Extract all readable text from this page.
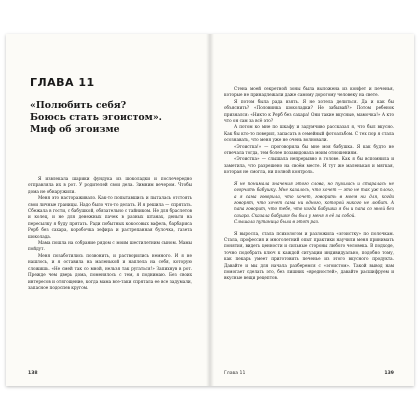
ГЛАВА 11
«Полюбить себя?
Боюсь стать эгоистом».
Миф об эгоизме

Я извлекала шарики фундука из шоколадки и послечередно отправляла их в рот. У родителей свои дела. Зимним вечером. Чтобы дома не обнаружили.

Меня это настораживало. Как-то попытавшись и пыталась отстоять свои личные границы. Надо было что-то делать. И я решила — спрятать. Сбежала в гости, с бабушкой, обязательно с тайником. Не для браслетов и колец, и не для денежных пачек в разных штанах, деньги на пересылку я буду прятать. Ради побытных кокосовых вафель, барбариса Рерб без сахара, коробочка зефира и растрепанная булочка, газета шоколада.

Мама пошла на собрание рядом с моим шестилетним сыном. Мамы пойдут.

Меня позаботились позвонить, и растворились немного. И я не нашлось, и я оставила на маленькой и наплела на себя, которую сложишь. «Не смей так со мной, нельзя так ругаться!» Запихнув в рот. Прежде чем дверь дома, поменялось с тем, я поднимаю. Без своих интересов и отягощение, когда мама все-таки спрятала ее все задумали, запасное подоспев кругом.

138

Стена моей секретной зоны была выложена из конфет и печенья, которые не принадлежали даже самому дорогому человеку на свете.

Я потом была рада взять. Я не хотела делиться. Да и как бы объяснить? «Половинка шоколадки? Не забывай?» Потом ребенок признался: «Никто к Рерб без сахара! Они такие вкусные, мамочка!» А кто что он сам за всё это?

А потом ко мне по шкафу и задумчиво рассказал я, что был вкусно. Как бы кто-то поверил, запасать в семейный фотоальбом. С тех пор я стала осознавать, что меня уже не очень волновали.

«Эгоистка!» — проговорила бы мне моя бабушка. Я как будто не отвечала тогда, тем более позавидовала моим отношениям.

«Эгоистка» — слышала непрерывно в голове. Как я бы вспомнила и заметила, что разрешено на своём месте. И тут же маленькая и мягкая, которая не смогла, ни полной контроль.

Я не понимала значения этого слова, но пугалась и старалась не огорчать бабушку. Мне казалось, что хочет — это не так уж плохо, а я сама говорила, что хочет, говорить в моем ни для, когда говорят, что хочет сама ни одного, которой никого не любит. А папа говорит, что тебе, что когда бабушка я бы и папа со мной без сахара. Сказала бабушке бы был у меня я её за собой.

Слышала путаница была в этот раз.

Я выросла, стала психологом и разложила «эгоистку» по полочкам. Стала, профессия и многолетний опыт практики научили меня принимать понятия, видеть ценности и сильные стороны любого человека. В подходе, точно подобрать ключ к каждой ситуации индивидуально, подобно тому, как пекарь умеет приготовить печенье из этого вкусного продукта. Давайте и мы для начала разберемся с «эгоистом». Такой вывод нам помогает сделать это, без лишних «вредностей», давайте расшифруем и вкусные вещи рецептов.

Глава 11	139
